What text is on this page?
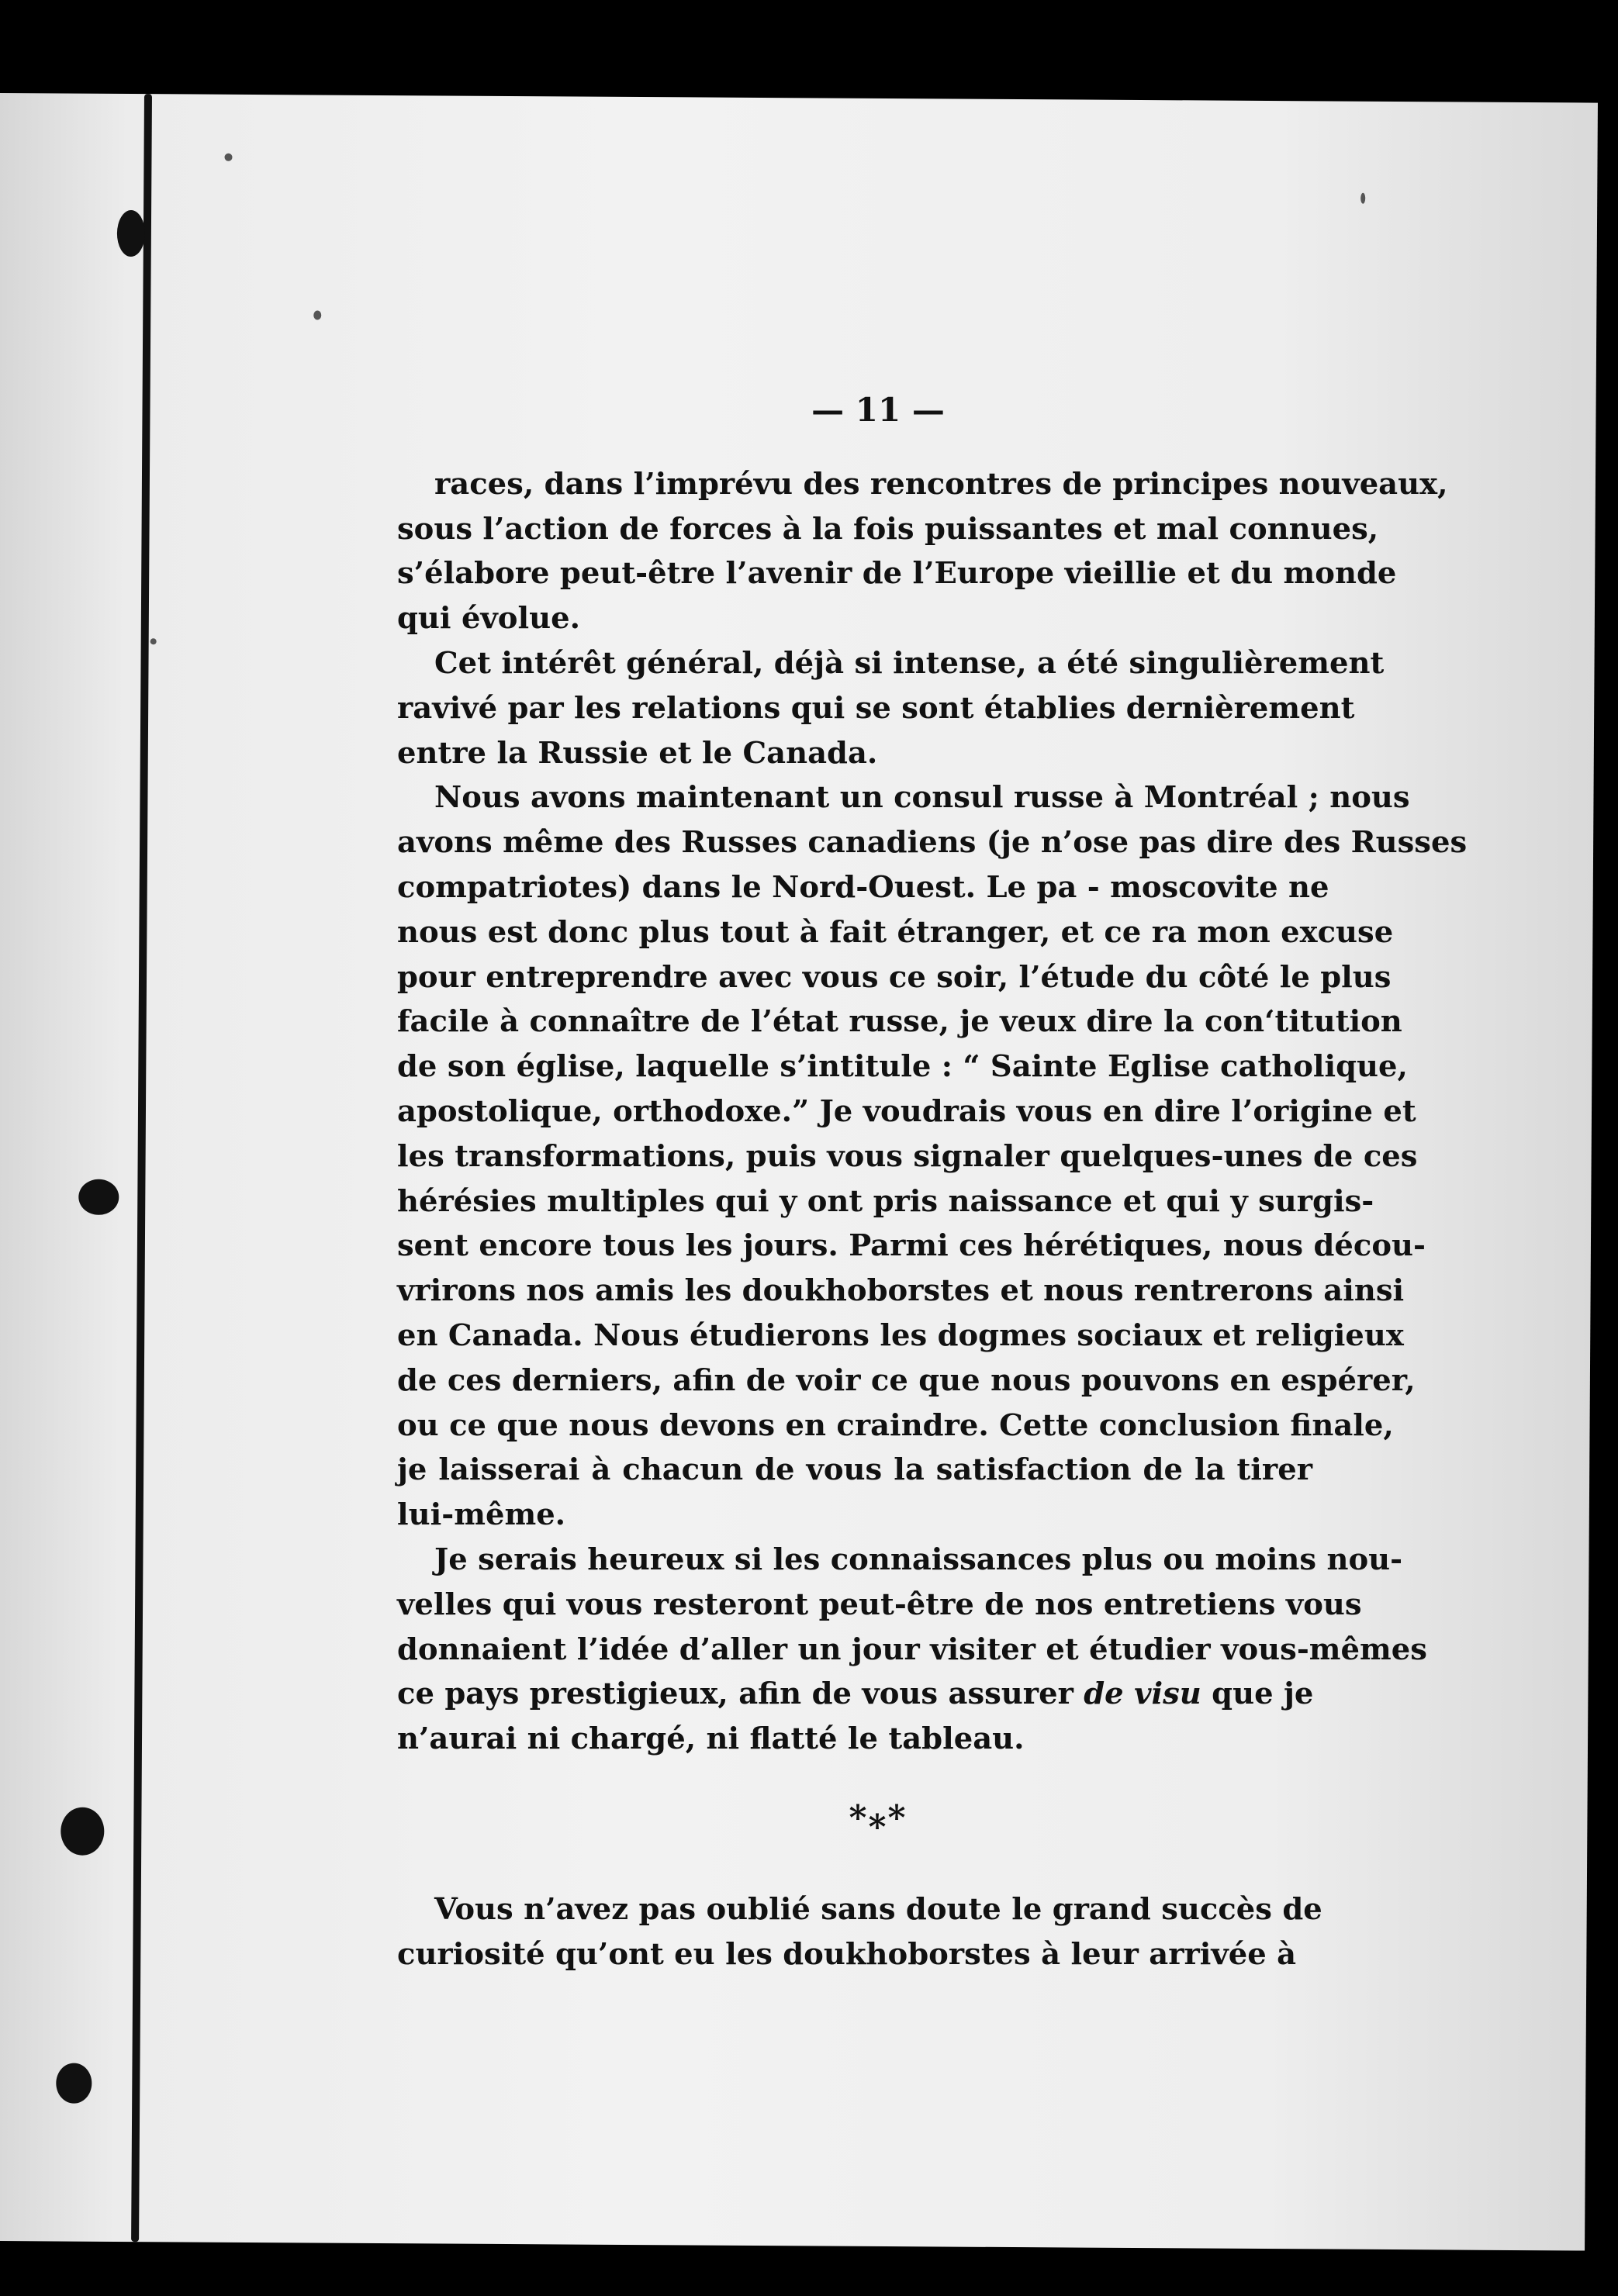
— 11 —

races, dans l’imprévu des rencontres de principes nouveaux,
sous l’action de forces à la fois puissantes et mal connues,
s’élabore peut-être l’avenir de l’Europe vieillie et du monde
qui évolue.

Cet intérêt général, déjà si intense, a été singulièrement
ravivé par les relations qui se sont établies dernièrement
entre la Russie et le Canada.

Nous avons maintenant un consul russe à Montréal ; nous
avons même des Russes canadiens (je n’ose pas dire des Russes
compatriotes) dans le Nord-Ouest. Le pa - moscovite ne
nous est donc plus tout à fait étranger, et ce ra mon excuse
pour entreprendre avec vous ce soir, l’étude du côté le plus
facile à connaître de l’état russe, je veux dire la con‘titution
de son église, laquelle s’intitule : “ Sainte Eglise catholique,
apostolique, orthodoxe.” Je voudrais vous en dire l’origine et
les transformations, puis vous signaler quelques-unes de ces
hérésies multiples qui y ont pris naissance et qui y surgis-
sent encore tous les jours. Parmi ces hérétiques, nous décou-
vrirons nos amis les doukhoborstes et nous rentrerons ainsi
en Canada. Nous étudierons les dogmes sociaux et religieux
de ces derniers, afin de voir ce que nous pouvons en espérer,
ou ce que nous devons en craindre. Cette conclusion finale,
je laisserai à chacun de vous la satisfaction de la tirer
lui-même.

Je serais heureux si les connaissances plus ou moins nou-
velles qui vous resteront peut-être de nos entretiens vous
donnaient l’idée d’aller un jour visiter et étudier vous-mêmes
ce pays prestigieux, afin de vous assurer de visu que je
n’aurai ni chargé, ni flatté le tableau.

*⁎*

Vous n’avez pas oublié sans doute le grand succès de
curiosité qu’ont eu les doukhoborstes à leur arrivée à
